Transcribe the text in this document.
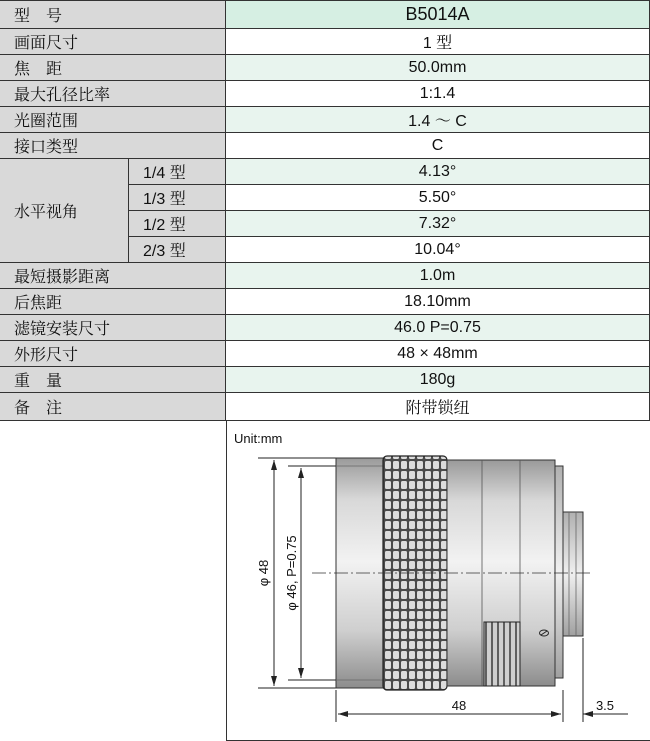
型　号	B5014A
画面尺寸	1 型
焦　距	50.0mm
最大孔径比率	1:1.4
光圈范围	1.4 ～ C
接口类型	C
水平视角
1/4 型	4.13°
1/3 型	5.50°
1/2 型	7.32°
2/3 型	10.04°
最短摄影距离	1.0m
后焦距	18.10mm
滤镜安装尺寸	46.0 P=0.75
外形尺寸	48 × 48mm
重　量	180g
备　注	附带锁纽
Unit:mm
φ 48 φ 46, P=0.75
48	3.5
